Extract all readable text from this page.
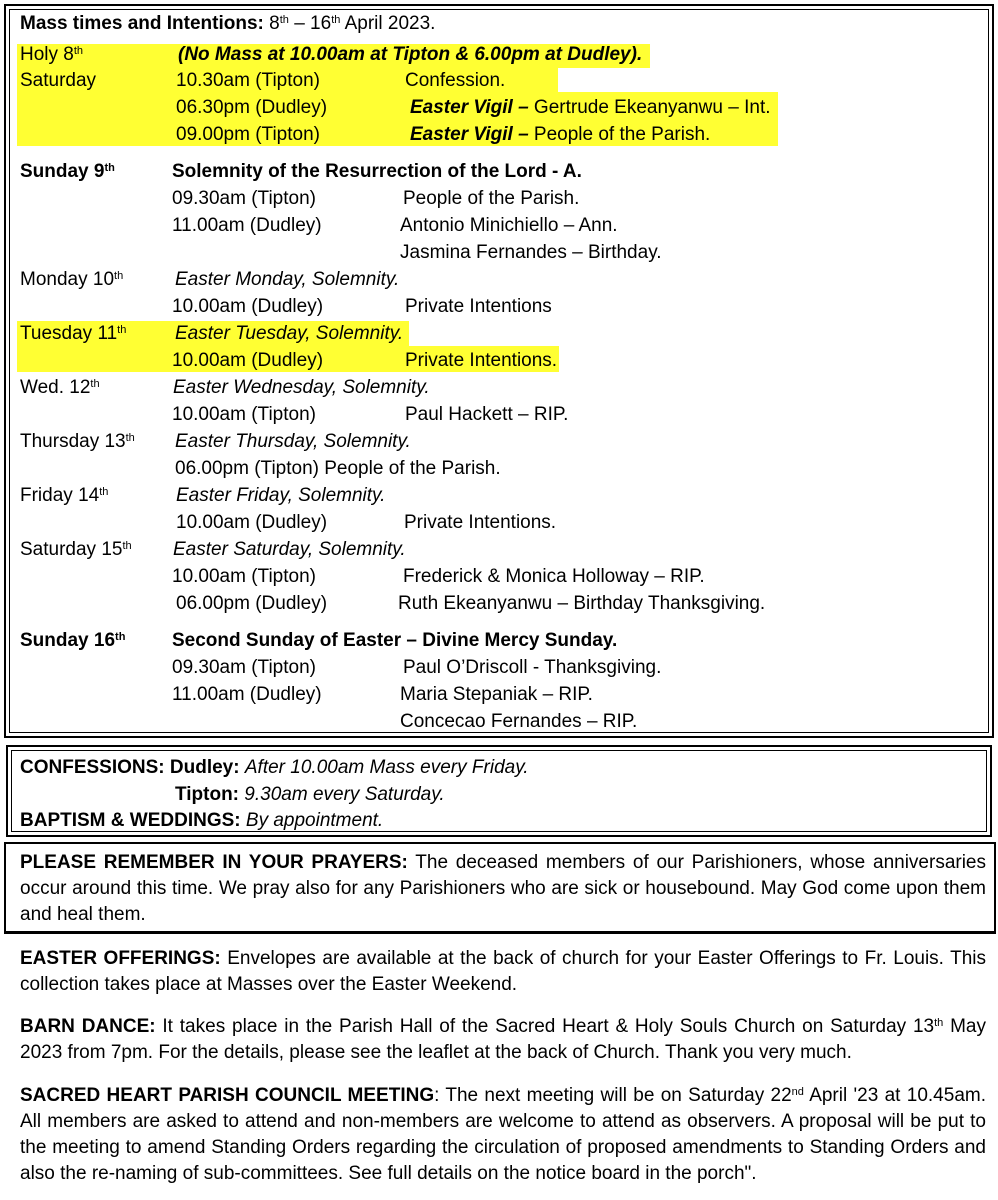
Mass times and Intentions: 8th – 16th April 2023.
Holy 8th	(No Mass at 10.00am at Tipton & 6.00pm at Dudley).
Saturday	10.30am (Tipton)	Confession.
06.30pm (Dudley)	Easter Vigil – Gertrude Ekeanyanwu – Int.
09.00pm (Tipton)	Easter Vigil – People of the Parish.
Sunday 9th	Solemnity of the Resurrection of the Lord - A.
09.30am (Tipton)	People of the Parish.
11.00am (Dudley)	Antonio Minichiello – Ann.
Jasmina Fernandes – Birthday.
Monday 10th	Easter Monday, Solemnity.
10.00am (Dudley)	Private Intentions
Tuesday 11th	Easter Tuesday, Solemnity.
10.00am (Dudley)	Private Intentions.
Wed. 12th	Easter Wednesday, Solemnity.
10.00am (Tipton)	Paul Hackett – RIP.
Thursday 13th Easter Thursday, Solemnity.
06.00pm (Tipton) People of the Parish.
Friday 14th	Easter Friday, Solemnity.
10.00am (Dudley)	Private Intentions.
Saturday 15th Easter Saturday, Solemnity.
10.00am (Tipton)	Frederick & Monica Holloway – RIP.
06.00pm (Dudley)	Ruth Ekeanyanwu – Birthday Thanksgiving.
Sunday 16th Second Sunday of Easter – Divine Mercy Sunday.
09.30am (Tipton)	Paul O’Driscoll - Thanksgiving.
11.00am (Dudley)	Maria Stepaniak – RIP.
Concecao Fernandes – RIP.
CONFESSIONS: Dudley: After 10.00am Mass every Friday.
Tipton: 9.30am every Saturday.
BAPTISM & WEDDINGS: By appointment.
PLEASE REMEMBER IN YOUR PRAYERS: The deceased members of our Parishioners, whose anniversaries occur around this time. We pray also for any Parishioners who are sick or housebound. May God come upon them and heal them.
EASTER OFFERINGS: Envelopes are available at the back of church for your Easter Offerings to Fr. Louis. This collection takes place at Masses over the Easter Weekend.
BARN DANCE: It takes place in the Parish Hall of the Sacred Heart & Holy Souls Church on Saturday 13th May 2023 from 7pm. For the details, please see the leaflet at the back of Church. Thank you very much.
SACRED HEART PARISH COUNCIL MEETING: The next meeting will be on Saturday 22nd April '23 at 10.45am. All members are asked to attend and non-members are welcome to attend as observers. A proposal will be put to the meeting to amend Standing Orders regarding the circulation of proposed amendments to Standing Orders and also the re-naming of sub-committees. See full details on the notice board in the porch".
